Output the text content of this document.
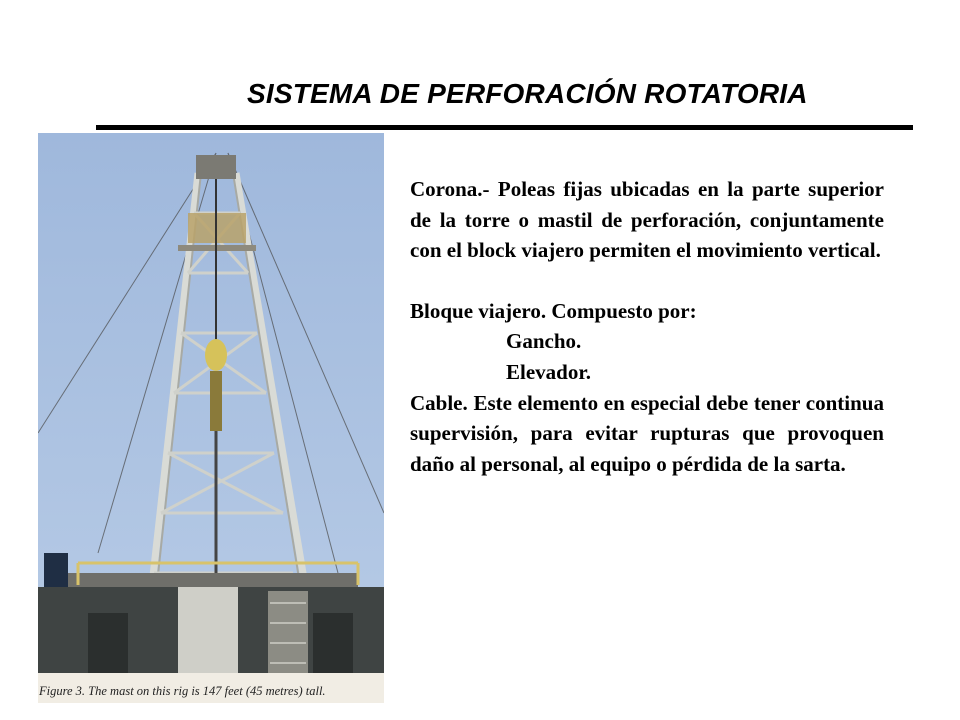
SISTEMA DE PERFORACIÓN ROTATORIA
Figure 3. The mast on this rig is 147 feet (45 metres) tall.

Corona.- Poleas fijas ubicadas en la parte superior de la torre o mastil de perforación, conjuntamente con el block viajero permiten el movimiento vertical.

Bloque viajero. Compuesto por:

Gancho.

Elevador.

Cable. Este elemento en especial debe tener continua supervisión, para evitar rupturas que provoquen daño al personal, al equipo o pérdida de la sarta.
